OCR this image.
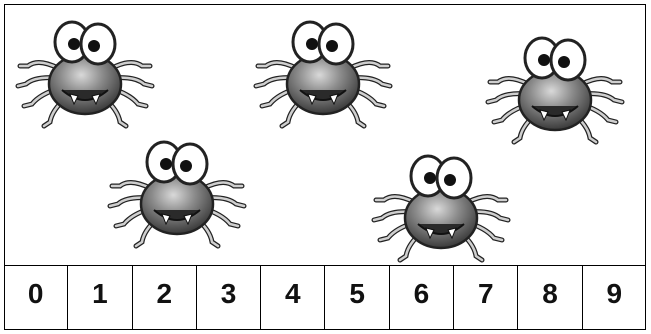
0	1	2	3	4	5	6	7	8	9
